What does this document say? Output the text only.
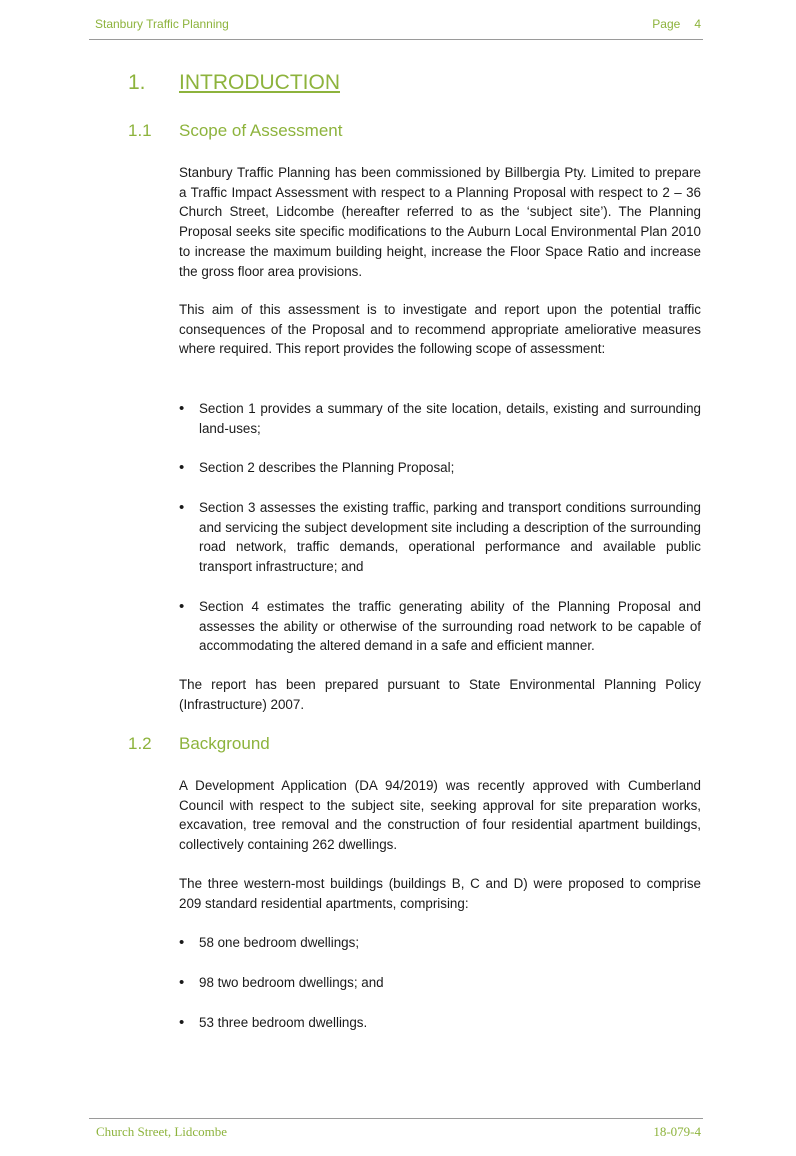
Stanbury Traffic Planning	Page 4
1. INTRODUCTION
1.1 Scope of Assessment

Stanbury Traffic Planning has been commissioned by Billbergia Pty. Limited to prepare a Traffic Impact Assessment with respect to a Planning Proposal with respect to 2 – 36 Church Street, Lidcombe (hereafter referred to as the ‘subject site’). The Planning Proposal seeks site specific modifications to the Auburn Local Environmental Plan 2010 to increase the maximum building height, increase the Floor Space Ratio and increase the gross floor area provisions.

This aim of this assessment is to investigate and report upon the potential traffic consequences of the Proposal and to recommend appropriate ameliorative measures where required. This report provides the following scope of assessment:

• Section 1 provides a summary of the site location, details, existing and surrounding land-uses;
• Section 2 describes the Planning Proposal;
• Section 3 assesses the existing traffic, parking and transport conditions surrounding and servicing the subject development site including a description of the surrounding road network, traffic demands, operational performance and available public transport infrastructure; and
• Section 4 estimates the traffic generating ability of the Planning Proposal and assesses the ability or otherwise of the surrounding road network to be capable of accommodating the altered demand in a safe and efficient manner.

The report has been prepared pursuant to State Environmental Planning Policy (Infrastructure) 2007.

1.2 Background

A Development Application (DA 94/2019) was recently approved with Cumberland Council with respect to the subject site, seeking approval for site preparation works, excavation, tree removal and the construction of four residential apartment buildings, collectively containing 262 dwellings.

The three western-most buildings (buildings B, C and D) were proposed to comprise 209 standard residential apartments, comprising:

• 58 one bedroom dwellings;
• 98 two bedroom dwellings; and
• 53 three bedroom dwellings.
Church Street, Lidcombe	18-079-4
